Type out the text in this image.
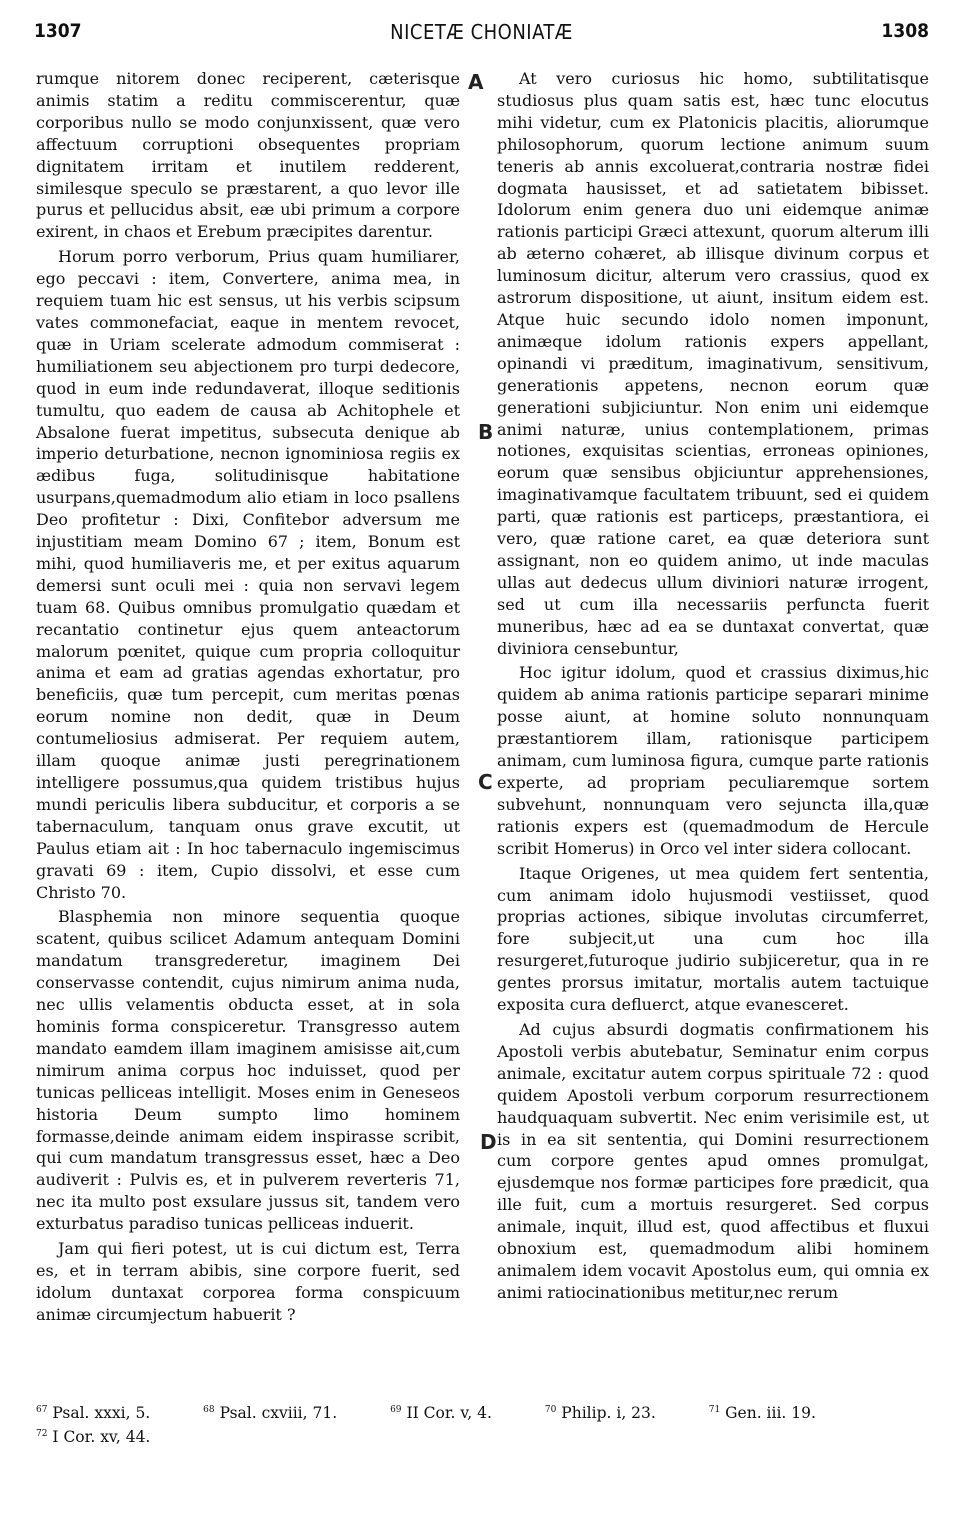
1307	NICETÆ CHONIATÆ	1308

rumque nitorem donec reciperent, cæterisque animis statim a reditu commiscerentur, quæ corporibus nullo se modo conjunxissent, quæ vero affectuum corruptioni obsequentes propriam dignitatem irritam et inutilem redderent, similesque speculo se præstarent, a quo levor ille purus et pellucidus absit, eæ ubi primum a corpore exirent, in chaos et Erebum præcipites darentur.

Horum porro verborum, Prius quam humiliarer, ego peccavi : item, Convertere, anima mea, in requiem tuam hic est sensus, ut his verbis scipsum vates commonefaciat, eaque in mentem revocet, quæ in Uriam scelerate admodum commiserat : humiliationem seu abjectionem pro turpi dedecore, quod in eum inde redundaverat, illoque seditionis tumultu, quo eadem de causa ab Achitophele et Absalone fuerat impetitus, subsecuta denique ab imperio deturbatione, necnon ignominiosa regiis ex ædibus fuga, solitudinisque habitatione usurpans,quemadmodum alio etiam in loco psallens Deo profitetur : Dixi, Confitebor adversum me injustitiam meam Domino 67 ; item, Bonum est mihi, quod humiliaveris me, et per exitus aquarum demersi sunt oculi mei : quia non servavi legem tuam 68. Quibus omnibus promulgatio quædam et recantatio continetur ejus quem anteactorum malorum pœnitet, quique cum propria colloquitur anima et eam ad gratias agendas exhortatur, pro beneficiis, quæ tum percepit, cum meritas pœnas eorum nomine non dedit, quæ in Deum contumeliosius admiserat. Per requiem autem, illam quoque animæ justi peregrinationem intelligere possumus,qua quidem tristibus hujus mundi periculis libera subducitur, et corporis a se tabernaculum, tanquam onus grave excutit, ut Paulus etiam ait : In hoc tabernaculo ingemiscimus gravati 69 : item, Cupio dissolvi, et esse cum Christo 70.

Blasphemia non minore sequentia quoque scatent, quibus scilicet Adamum antequam Domini mandatum transgrederetur, imaginem Dei conservasse contendit, cujus nimirum anima nuda, nec ullis velamentis obducta esset, at in sola hominis forma conspiceretur. Transgresso autem mandato eamdem illam imaginem amisisse ait,cum nimirum anima corpus hoc induisset, quod per tunicas pelliceas intelligit. Moses enim in Geneseos historia Deum sumpto limo hominem formasse,deinde animam eidem inspirasse scribit, qui cum mandatum transgressus esset, hæc a Deo audiverit : Pulvis es, et in pulverem reverteris 71, nec ita multo post exsulare jussus sit, tandem vero exturbatus paradiso tunicas pelliceas induerit.

Jam qui fieri potest, ut is cui dictum est, Terra es, et in terram abibis, sine corpore fuerit, sed idolum duntaxat corporea forma conspicuum animæ circumjectum habuerit ?

A
B
C
D

At vero curiosus hic homo, subtilitatisque studiosus plus quam satis est, hæc tunc elocutus mihi videtur, cum ex Platonicis placitis, aliorumque philosophorum, quorum lectione animum suum teneris ab annis excoluerat,contraria nostræ fidei dogmata hausisset, et ad satietatem bibisset. Idolorum enim genera duo uni eidemque animæ rationis participi Græci attexunt, quorum alterum illi ab æterno cohæret, ab illisque divinum corpus et luminosum dicitur, alterum vero crassius, quod ex astrorum dispositione, ut aiunt, insitum eidem est. Atque huic secundo idolo nomen imponunt, animæque idolum rationis expers appellant, opinandi vi præditum, imaginativum, sensitivum, generationis appetens, necnon eorum quæ generationi subjiciuntur. Non enim uni eidemque animi naturæ, unius contemplationem, primas notiones, exquisitas scientias, erroneas opiniones, eorum quæ sensibus objiciuntur apprehensiones, imaginativamque facultatem tribuunt, sed ei quidem parti, quæ rationis est particeps, præstantiora, ei vero, quæ ratione caret, ea quæ deteriora sunt assignant, non eo quidem animo, ut inde maculas ullas aut dedecus ullum diviniori naturæ irrogent, sed ut cum illa necessariis perfuncta fuerit muneribus, hæc ad ea se duntaxat convertat, quæ diviniora censebuntur,

Hoc igitur idolum, quod et crassius diximus,hic quidem ab anima rationis participe separari minime posse aiunt, at homine soluto nonnunquam præstantiorem illam, rationisque participem animam, cum luminosa figura, cumque parte rationis experte, ad propriam peculiaremque sortem subvehunt, nonnunquam vero sejuncta illa,quæ rationis expers est (quemadmodum de Hercule scribit Homerus) in Orco vel inter sidera collocant.

Itaque Origenes, ut mea quidem fert sententia, cum animam idolo hujusmodi vestiisset, quod proprias actiones, sibique involutas circumferret, fore subjecit,ut una cum hoc illa resurgeret,futuroque judirio subjiceretur, qua in re gentes prorsus imitatur, mortalis autem tactuique exposita cura defluerct, atque evanesceret.

Ad cujus absurdi dogmatis confirmationem his Apostoli verbis abutebatur, Seminatur enim corpus animale, excitatur autem corpus spirituale 72 : quod quidem Apostoli verbum corporum resurrectionem haudquaquam subvertit. Nec enim verisimile est, ut is in ea sit sententia, qui Domini resurrectionem cum corpore gentes apud omnes promulgat, ejusdemque nos formæ participes fore prædicit, qua ille fuit, cum a mortuis resurgeret. Sed corpus animale, inquit, illud est, quod affectibus et fluxui obnoxium est, quemadmodum alibi hominem animalem idem vocavit Apostolus eum, qui omnia ex animi ratiocinationibus metitur,nec rerum

$^{67}$ Psal. xxxi, 5.	$^{68}$ Psal. cxviii, 71.	$^{69}$ II Cor. v, 4.	$^{70}$ Philip. i, 23.	$^{71}$ Gen. iii. 19. $^{72}$ I Cor. xv, 44.
